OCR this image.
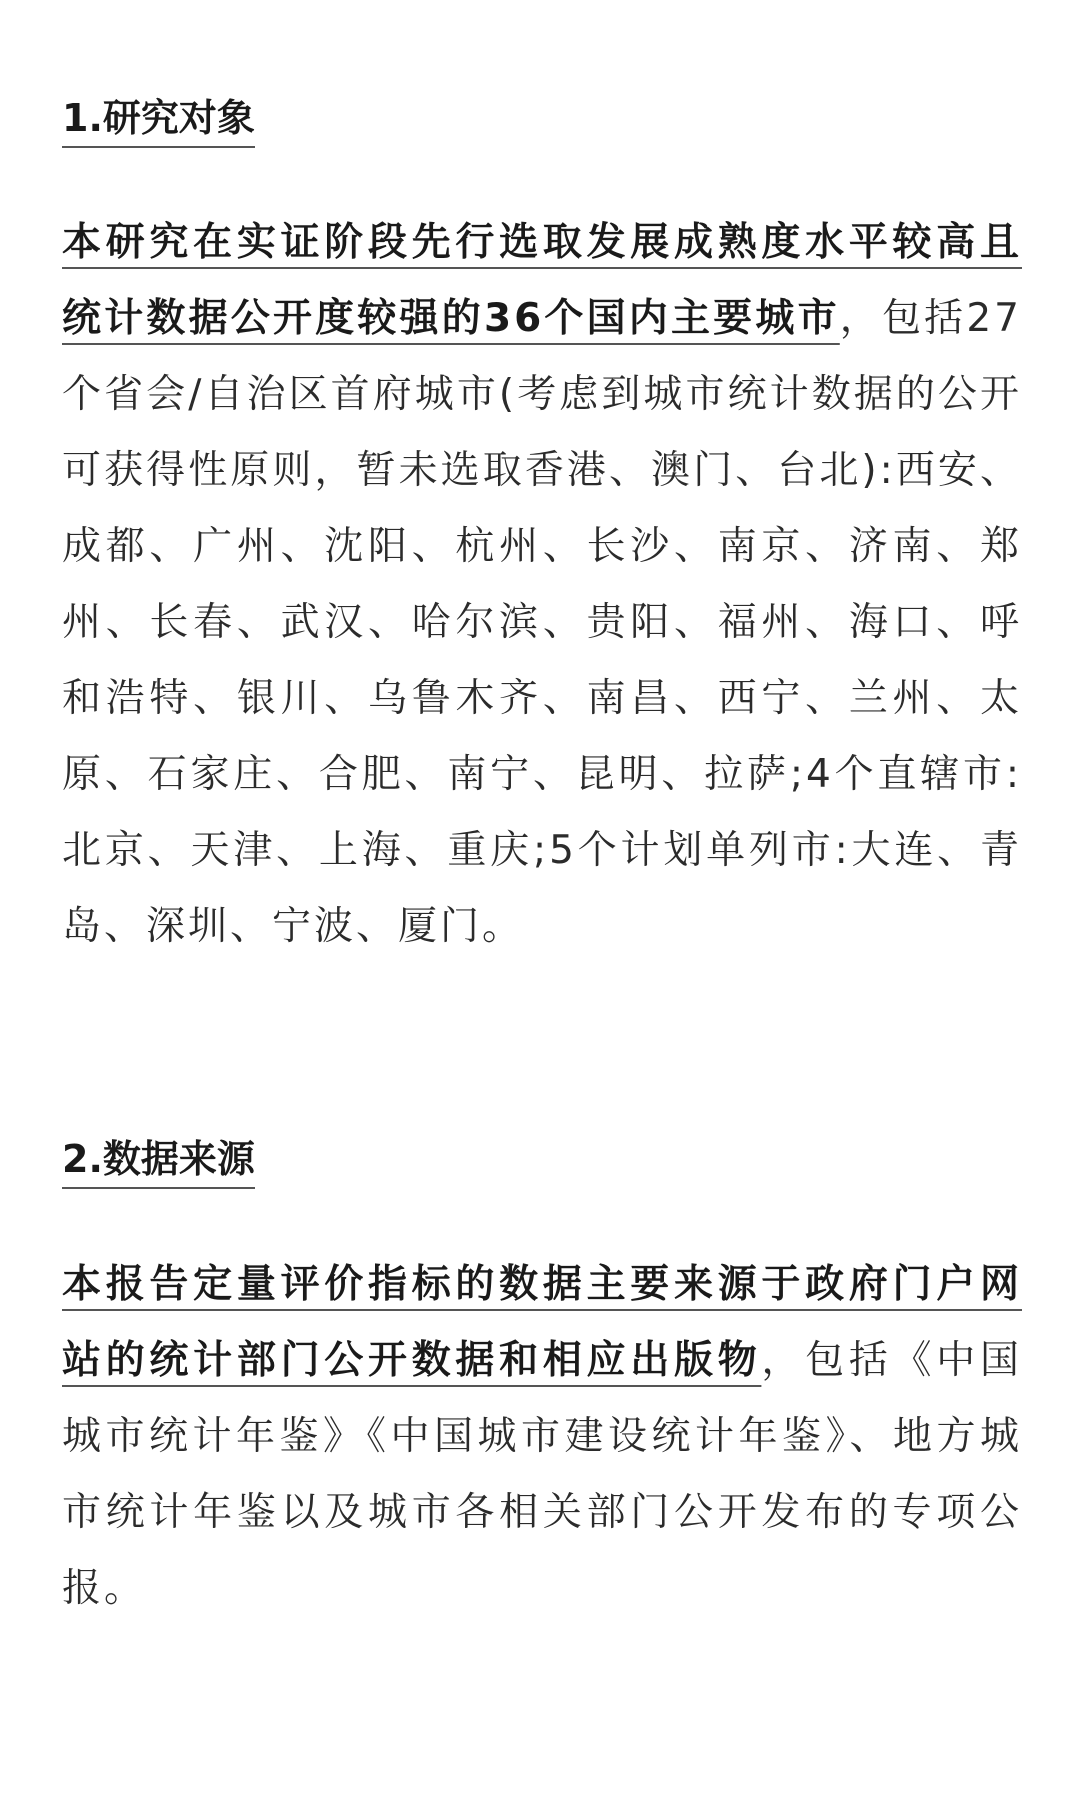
1.研究对象
本研究在实证阶段先行选取发展成熟度水平较高且统计数据公开度较强的36个国内主要城市，包括27个省会/自治区首府城市(考虑到城市统计数据的公开可获得性原则，暂未选取香港、澳门、台北):西安、成都、广州、沈阳、杭州、长沙、南京、济南、郑州、长春、武汉、哈尔滨、贵阳、福州、海口、呼和浩特、银川、乌鲁木齐、南昌、西宁、兰州、太原、石家庄、合肥、南宁、昆明、拉萨;4个直辖市:北京、天津、上海、重庆;5个计划单列市:大连、青岛、深圳、宁波、厦门。
2.数据来源
本报告定量评价指标的数据主要来源于政府门户网站的统计部门公开数据和相应出版物，包括《中国城市统计年鉴》《中国城市建设统计年鉴》、地方城市统计年鉴以及城市各相关部门公开发布的专项公报。
